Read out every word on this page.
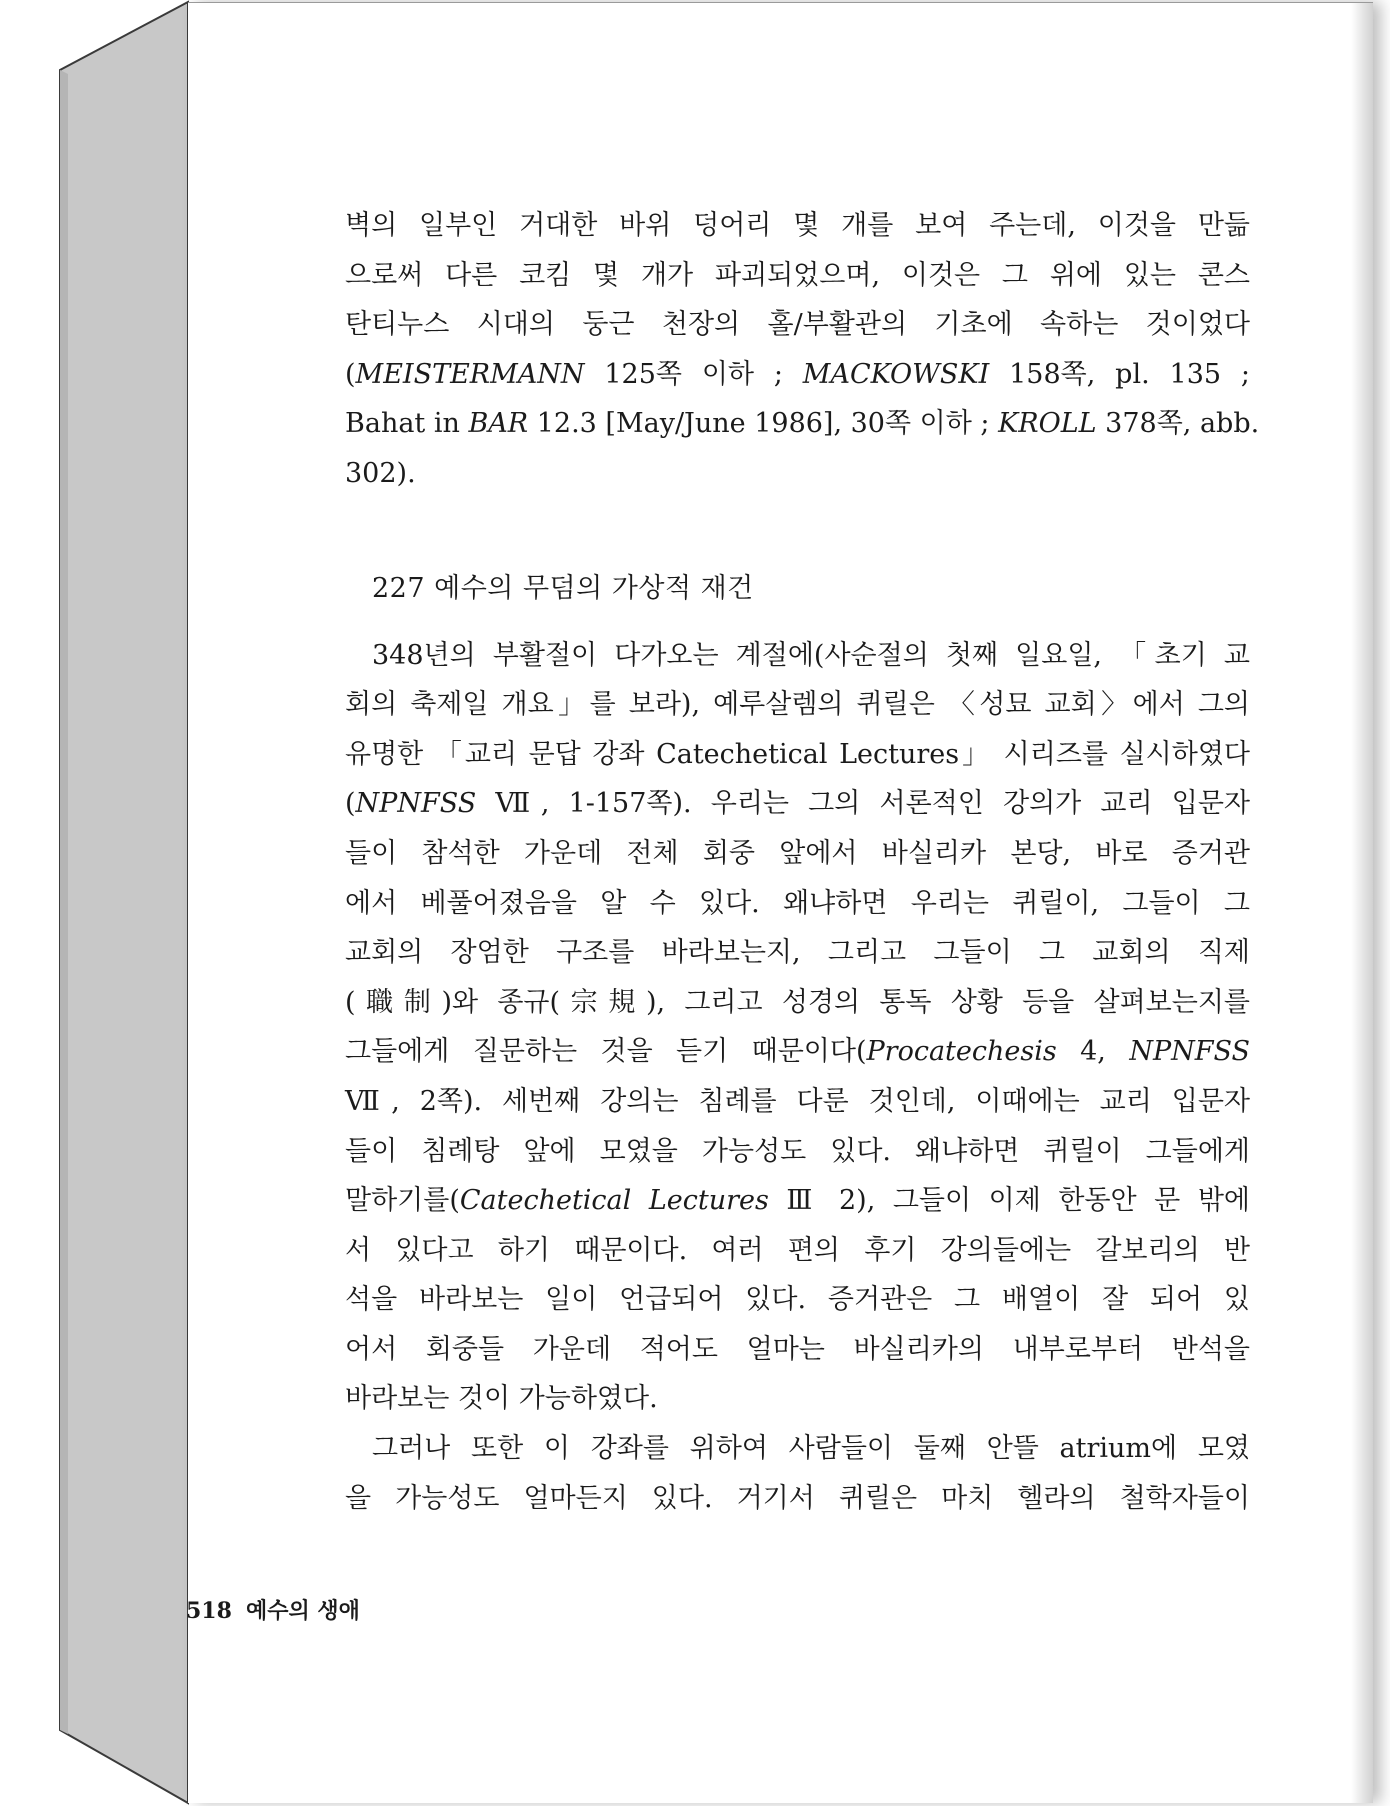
벽의 일부인 거대한 바위 덩어리 몇 개를 보여 주는데, 이것을 만듦
으로써 다른 코킴 몇 개가 파괴되었으며, 이것은 그 위에 있는 콘스
탄티누스 시대의 둥근 천장의 홀/부활관의 기초에 속하는 것이었다
(MEISTERMANN 125쪽 이하 ; MACKOWSKI 158쪽, pl. 135 ;
Bahat in BAR 12.3 [May/June 1986], 30쪽 이하 ; KROLL 378쪽, abb.
302).
227 예수의 무덤의 가상적 재건
348년의 부활절이 다가오는 계절에(사순절의 첫째 일요일, 「초기 교
회의 축제일 개요」를 보라), 예루살렘의 퀴릴은 〈성묘 교회〉에서 그의
유명한 「교리 문답 강좌 Catechetical Lectures」 시리즈를 실시하였다
(NPNFSS Ⅶ, 1-157쪽). 우리는 그의 서론적인 강의가 교리 입문자
들이 참석한 가운데 전체 회중 앞에서 바실리카 본당, 바로 증거관
에서 베풀어졌음을 알 수 있다. 왜냐하면 우리는 퀴릴이, 그들이 그
교회의 장엄한 구조를 바라보는지, 그리고 그들이 그 교회의 직제
(職制)와 종규(宗規), 그리고 성경의 통독 상황 등을 살펴보는지를
그들에게 질문하는 것을 듣기 때문이다(Procatechesis 4, NPNFSS
Ⅶ, 2쪽). 세번째 강의는 침례를 다룬 것인데, 이때에는 교리 입문자
들이 침례탕 앞에 모였을 가능성도 있다. 왜냐하면 퀴릴이 그들에게
말하기를(Catechetical Lectures Ⅲ 2), 그들이 이제 한동안 문 밖에
서 있다고 하기 때문이다. 여러 편의 후기 강의들에는 갈보리의 반
석을 바라보는 일이 언급되어 있다. 증거관은 그 배열이 잘 되어 있
어서 회중들 가운데 적어도 얼마는 바실리카의 내부로부터 반석을
바라보는 것이 가능하였다.
그러나 또한 이 강좌를 위하여 사람들이 둘째 안뜰 atrium에 모였
을 가능성도 얼마든지 있다. 거기서 퀴릴은 마치 헬라의 철학자들이
518 예수의 생애
